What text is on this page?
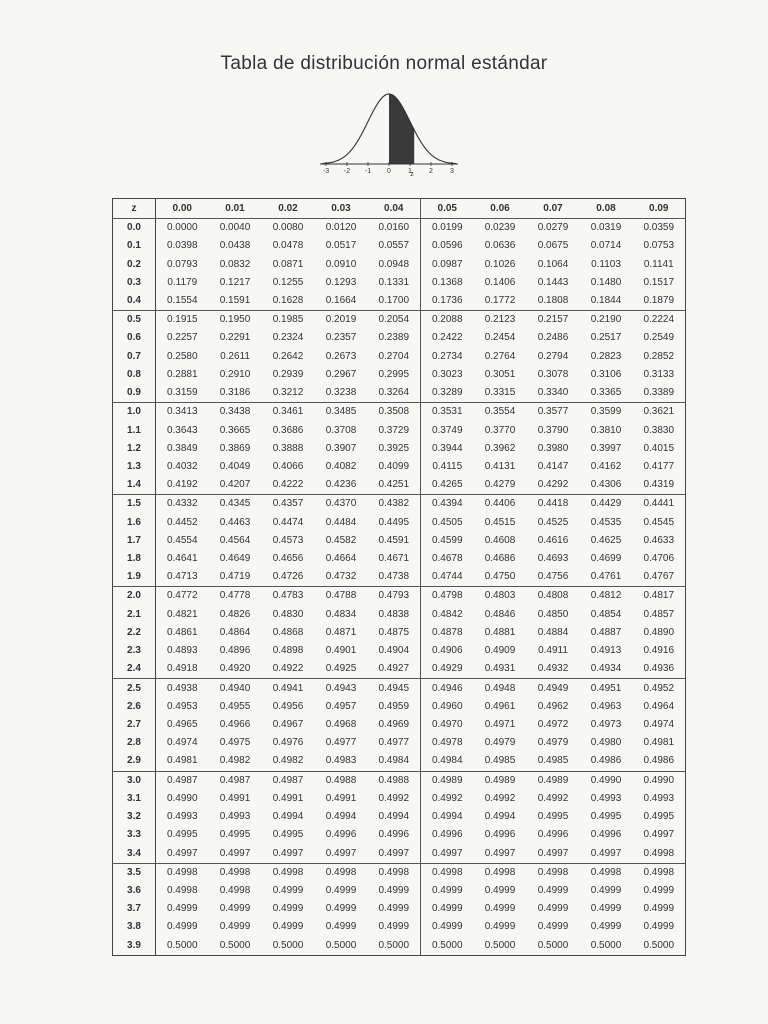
Tabla de distribución normal estándar
-3 -2 -1 0 1 2 3
z
z	0.00	0.01	0.02	0.03	0.04	0.05	0.06	0.07	0.08	0.09
0.0	0.0000	0.0040	0.0080	0.0120	0.0160	0.0199	0.0239	0.0279	0.0319	0.0359
0.1	0.0398	0.0438	0.0478	0.0517	0.0557	0.0596	0.0636	0.0675	0.0714	0.0753
0.2	0.0793	0.0832	0.0871	0.0910	0.0948	0.0987	0.1026	0.1064	0.1103	0.1141
0.3	0.1179	0.1217	0.1255	0.1293	0.1331	0.1368	0.1406	0.1443	0.1480	0.1517
0.4	0.1554	0.1591	0.1628	0.1664	0.1700	0.1736	0.1772	0.1808	0.1844	0.1879
0.5	0.1915	0.1950	0.1985	0.2019	0.2054	0.2088	0.2123	0.2157	0.2190	0.2224
0.6	0.2257	0.2291	0.2324	0.2357	0.2389	0.2422	0.2454	0.2486	0.2517	0.2549
0.7	0.2580	0.2611	0.2642	0.2673	0.2704	0.2734	0.2764	0.2794	0.2823	0.2852
0.8	0.2881	0.2910	0.2939	0.2967	0.2995	0.3023	0.3051	0.3078	0.3106	0.3133
0.9	0.3159	0.3186	0.3212	0.3238	0.3264	0.3289	0.3315	0.3340	0.3365	0.3389
1.0	0.3413	0.3438	0.3461	0.3485	0.3508	0.3531	0.3554	0.3577	0.3599	0.3621
1.1	0.3643	0.3665	0.3686	0.3708	0.3729	0.3749	0.3770	0.3790	0.3810	0.3830
1.2	0.3849	0.3869	0.3888	0.3907	0.3925	0.3944	0.3962	0.3980	0.3997	0.4015
1.3	0.4032	0.4049	0.4066	0.4082	0.4099	0.4115	0.4131	0.4147	0.4162	0.4177
1.4	0.4192	0.4207	0.4222	0.4236	0.4251	0.4265	0.4279	0.4292	0.4306	0.4319
1.5	0.4332	0.4345	0.4357	0.4370	0.4382	0.4394	0.4406	0.4418	0.4429	0.4441
1.6	0.4452	0.4463	0.4474	0.4484	0.4495	0.4505	0.4515	0.4525	0.4535	0.4545
1.7	0.4554	0.4564	0.4573	0.4582	0.4591	0.4599	0.4608	0.4616	0.4625	0.4633
1.8	0.4641	0.4649	0.4656	0.4664	0.4671	0.4678	0.4686	0.4693	0.4699	0.4706
1.9	0.4713	0.4719	0.4726	0.4732	0.4738	0.4744	0.4750	0.4756	0.4761	0.4767
2.0	0.4772	0.4778	0.4783	0.4788	0.4793	0.4798	0.4803	0.4808	0.4812	0.4817
2.1	0.4821	0.4826	0.4830	0.4834	0.4838	0.4842	0.4846	0.4850	0.4854	0.4857
2.2	0.4861	0.4864	0.4868	0.4871	0.4875	0.4878	0.4881	0.4884	0.4887	0.4890
2.3	0.4893	0.4896	0.4898	0.4901	0.4904	0.4906	0.4909	0.4911	0.4913	0.4916
2.4	0.4918	0.4920	0.4922	0.4925	0.4927	0.4929	0.4931	0.4932	0.4934	0.4936
2.5	0.4938	0.4940	0.4941	0.4943	0.4945	0.4946	0.4948	0.4949	0.4951	0.4952
2.6	0.4953	0.4955	0.4956	0.4957	0.4959	0.4960	0.4961	0.4962	0.4963	0.4964
2.7	0.4965	0.4966	0.4967	0.4968	0.4969	0.4970	0.4971	0.4972	0.4973	0.4974
2.8	0.4974	0.4975	0.4976	0.4977	0.4977	0.4978	0.4979	0.4979	0.4980	0.4981
2.9	0.4981	0.4982	0.4982	0.4983	0.4984	0.4984	0.4985	0.4985	0.4986	0.4986
3.0	0.4987	0.4987	0.4987	0.4988	0.4988	0.4989	0.4989	0.4989	0.4990	0.4990
3.1	0.4990	0.4991	0.4991	0.4991	0.4992	0.4992	0.4992	0.4992	0.4993	0.4993
3.2	0.4993	0.4993	0.4994	0.4994	0.4994	0.4994	0.4994	0.4995	0.4995	0.4995
3.3	0.4995	0.4995	0.4995	0.4996	0.4996	0.4996	0.4996	0.4996	0.4996	0.4997
3.4	0.4997	0.4997	0.4997	0.4997	0.4997	0.4997	0.4997	0.4997	0.4997	0.4998
3.5	0.4998	0.4998	0.4998	0.4998	0.4998	0.4998	0.4998	0.4998	0.4998	0.4998
3.6	0.4998	0.4998	0.4999	0.4999	0.4999	0.4999	0.4999	0.4999	0.4999	0.4999
3.7	0.4999	0.4999	0.4999	0.4999	0.4999	0.4999	0.4999	0.4999	0.4999	0.4999
3.8	0.4999	0.4999	0.4999	0.4999	0.4999	0.4999	0.4999	0.4999	0.4999	0.4999
3.9	0.5000	0.5000	0.5000	0.5000	0.5000	0.5000	0.5000	0.5000	0.5000	0.5000
